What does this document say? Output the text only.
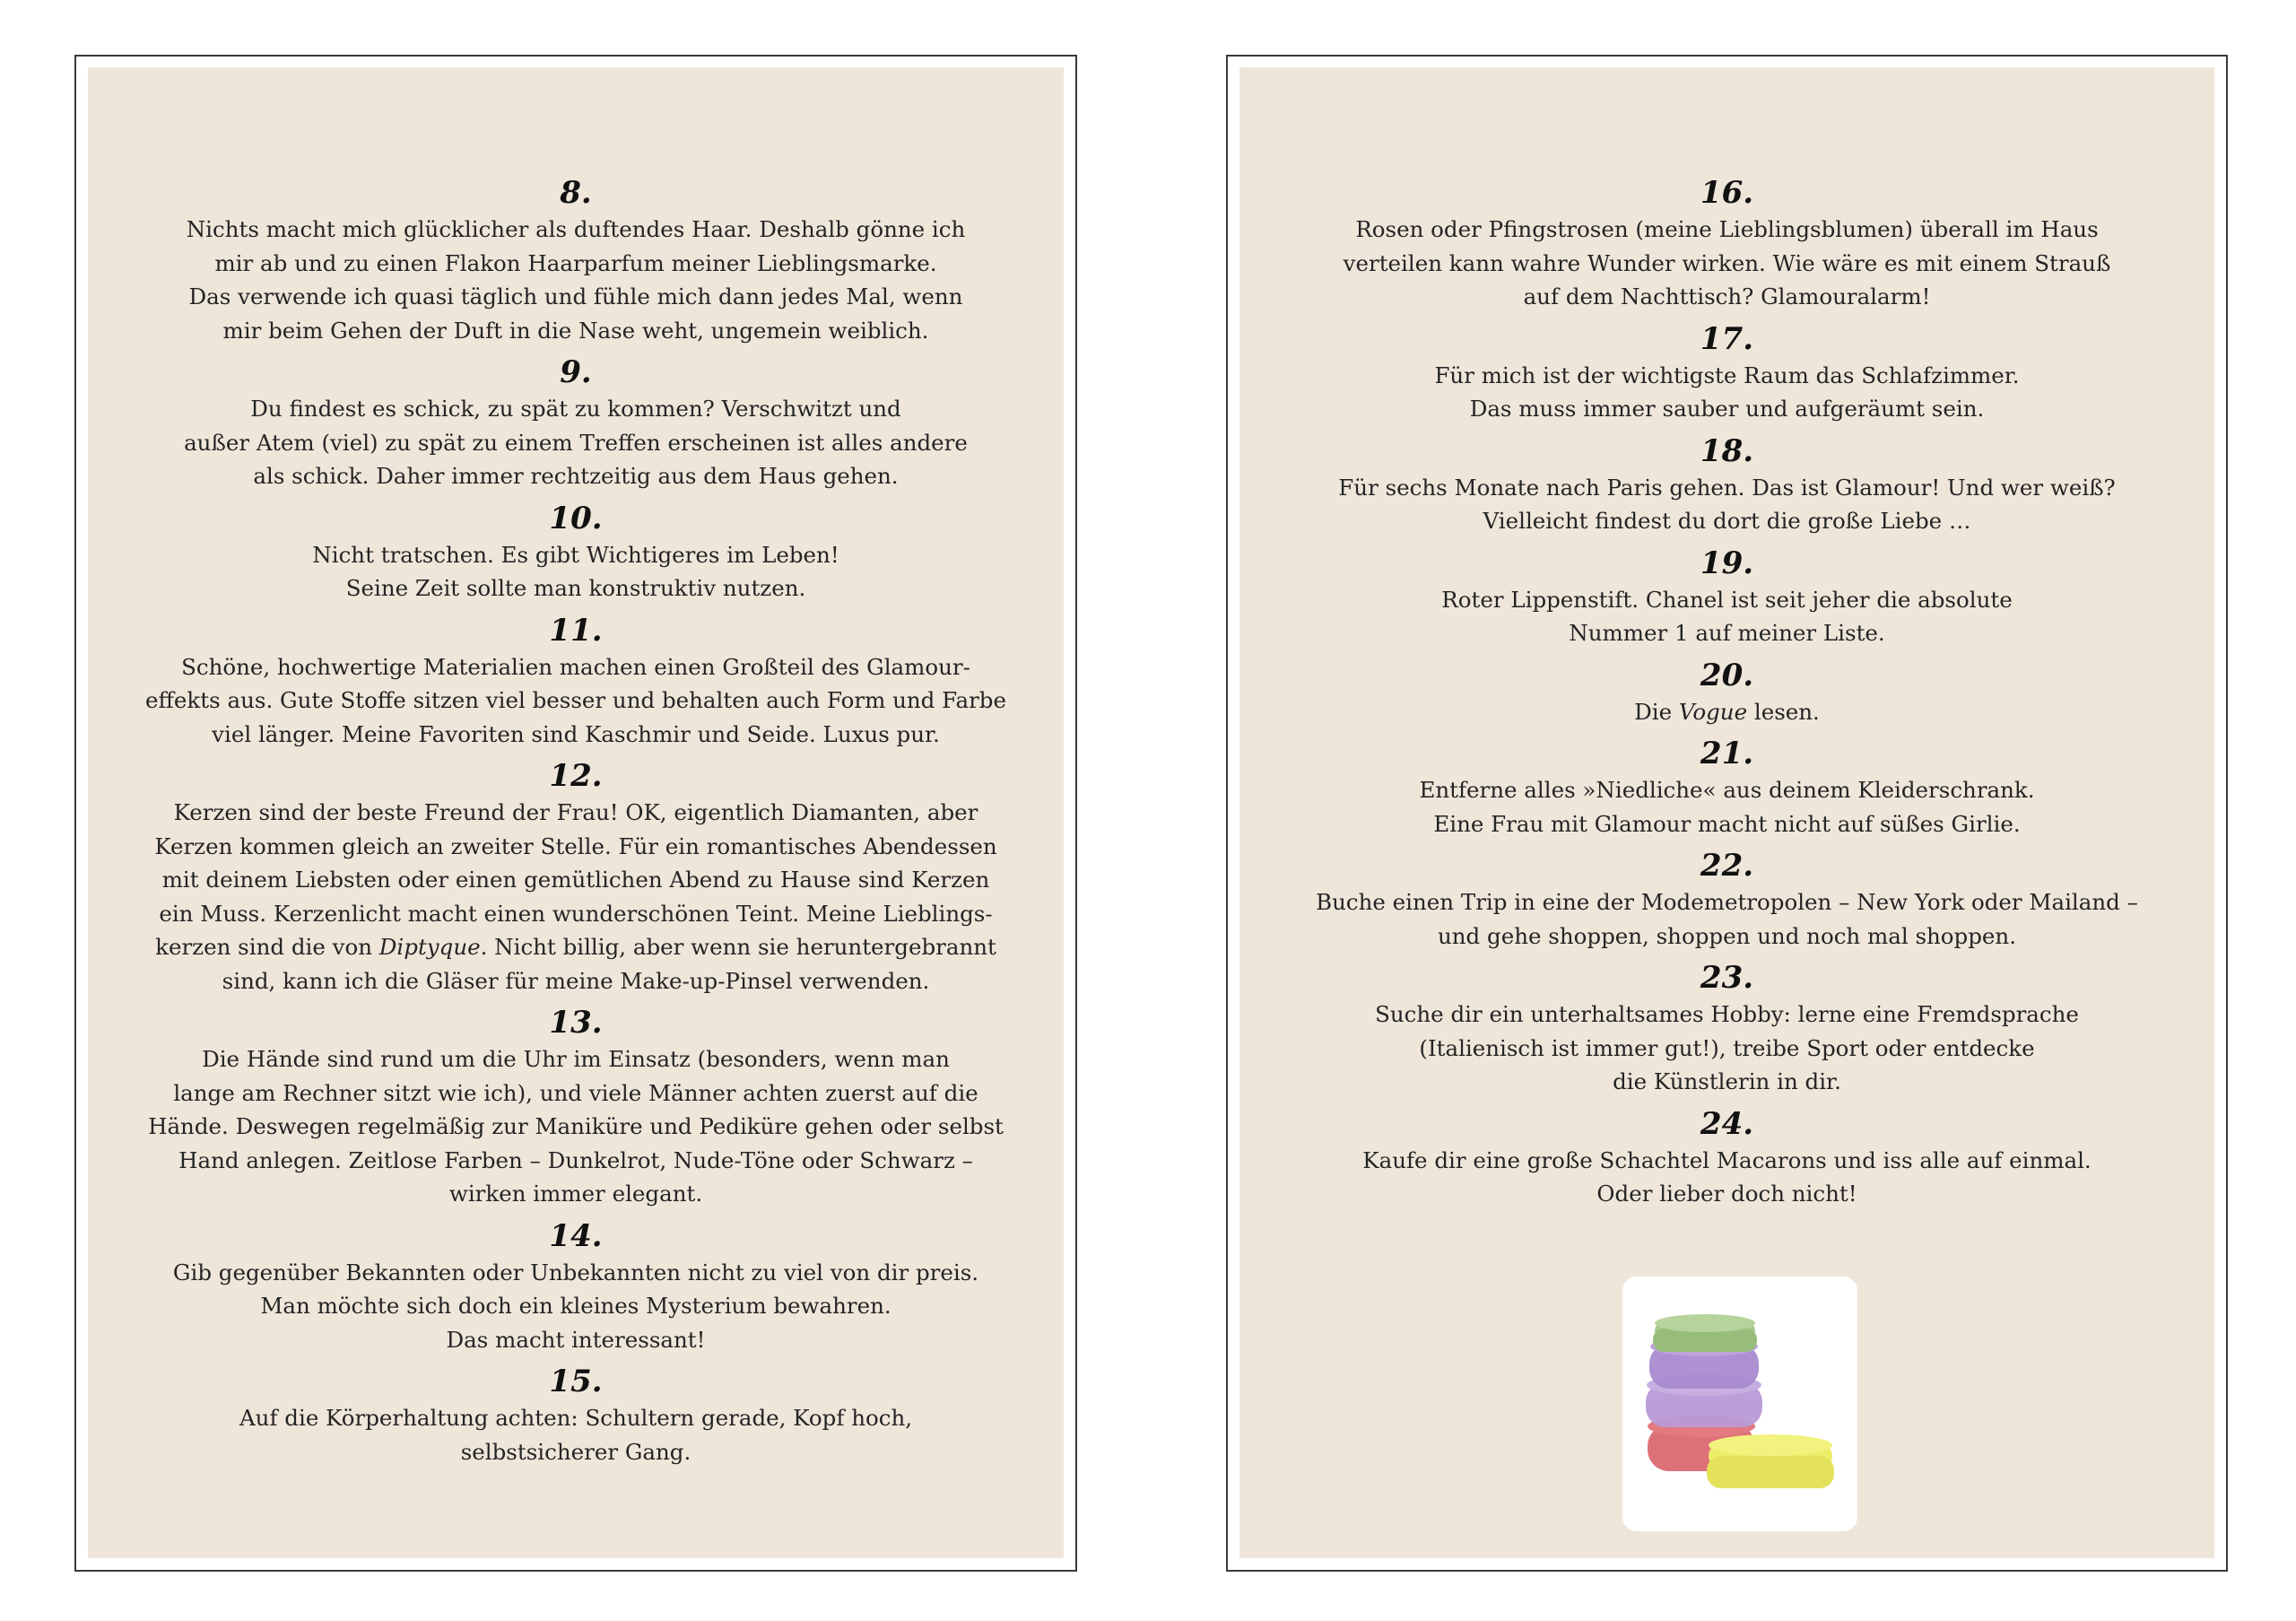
8.
Nichts macht mich glücklicher als duftendes Haar. Deshalb gönne ich
mir ab und zu einen Flakon Haarparfum meiner Lieblingsmarke.
Das verwende ich quasi täglich und fühle mich dann jedes Mal, wenn
mir beim Gehen der Duft in die Nase weht, ungemein weiblich.
9.
Du findest es schick, zu spät zu kommen? Verschwitzt und
außer Atem (viel) zu spät zu einem Treffen erscheinen ist alles andere
als schick. Daher immer rechtzeitig aus dem Haus gehen.
10.
Nicht tratschen. Es gibt Wichtigeres im Leben!
Seine Zeit sollte man konstruktiv nutzen.
11.
Schöne, hochwertige Materialien machen einen Großteil des Glamour-
effekts aus. Gute Stoffe sitzen viel besser und behalten auch Form und Farbe
viel länger. Meine Favoriten sind Kaschmir und Seide. Luxus pur.
12.
Kerzen sind der beste Freund der Frau! OK, eigentlich Diamanten, aber
Kerzen kommen gleich an zweiter Stelle. Für ein romantisches Abendessen
mit deinem Liebsten oder einen gemütlichen Abend zu Hause sind Kerzen
ein Muss. Kerzenlicht macht einen wunderschönen Teint. Meine Lieblings-
kerzen sind die von Diptyque. Nicht billig, aber wenn sie heruntergebrannt
sind, kann ich die Gläser für meine Make-up-Pinsel verwenden.
13.
Die Hände sind rund um die Uhr im Einsatz (besonders, wenn man
lange am Rechner sitzt wie ich), und viele Männer achten zuerst auf die
Hände. Deswegen regelmäßig zur Maniküre und Pediküre gehen oder selbst
Hand anlegen. Zeitlose Farben – Dunkelrot, Nude-Töne oder Schwarz –
wirken immer elegant.
14.
Gib gegenüber Bekannten oder Unbekannten nicht zu viel von dir preis.
Man möchte sich doch ein kleines Mysterium bewahren.
Das macht interessant!
15.
Auf die Körperhaltung achten: Schultern gerade, Kopf hoch,
selbstsicherer Gang.
16.
Rosen oder Pfingstrosen (meine Lieblingsblumen) überall im Haus
verteilen kann wahre Wunder wirken. Wie wäre es mit einem Strauß
auf dem Nachttisch? Glamouralarm!
17.
Für mich ist der wichtigste Raum das Schlafzimmer.
Das muss immer sauber und aufgeräumt sein.
18.
Für sechs Monate nach Paris gehen. Das ist Glamour! Und wer weiß?
Vielleicht findest du dort die große Liebe …
19.
Roter Lippenstift. Chanel ist seit jeher die absolute
Nummer 1 auf meiner Liste.
20.
Die Vogue lesen.
21.
Entferne alles »Niedliche« aus deinem Kleiderschrank.
Eine Frau mit Glamour macht nicht auf süßes Girlie.
22.
Buche einen Trip in eine der Modemetropolen – New York oder Mailand –
und gehe shoppen, shoppen und noch mal shoppen.
23.
Suche dir ein unterhaltsames Hobby: lerne eine Fremdsprache
(Italienisch ist immer gut!), treibe Sport oder entdecke
die Künstlerin in dir.
24.
Kaufe dir eine große Schachtel Macarons und iss alle auf einmal.
Oder lieber doch nicht!
